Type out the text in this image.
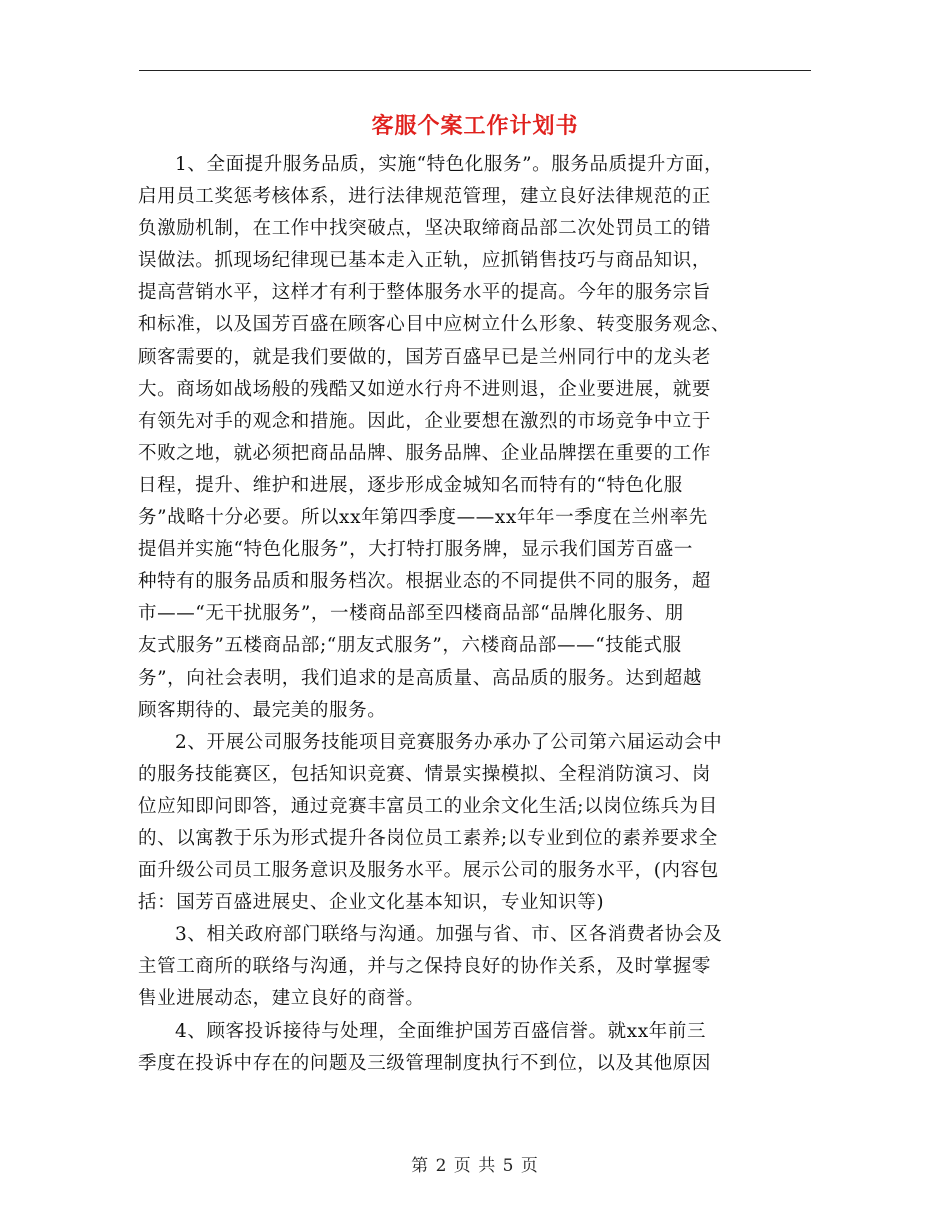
客服个案工作计划书
1、全面提升服务品质，实施“特色化服务”。服务品质提升方面，
启用员工奖惩考核体系，进行法律规范管理，建立良好法律规范的正
负激励机制，在工作中找突破点，坚决取缔商品部二次处罚员工的错
误做法。抓现场纪律现已基本走入正轨，应抓销售技巧与商品知识，
提高营销水平，这样才有利于整体服务水平的提高。今年的服务宗旨
和标准，以及国芳百盛在顾客心目中应树立什么形象、转变服务观念、
顾客需要的，就是我们要做的，国芳百盛早已是兰州同行中的龙头老
大。商场如战场般的残酷又如逆水行舟不进则退，企业要进展，就要
有领先对手的观念和措施。因此，企业要想在激烈的市场竞争中立于
不败之地，就必须把商品品牌、服务品牌、企业品牌摆在重要的工作
日程，提升、维护和进展，逐步形成金城知名而特有的“特色化服
务”战略十分必要。所以xx年第四季度——xx年年一季度在兰州率先
提倡并实施“特色化服务”，大打特打服务牌，显示我们国芳百盛一
种特有的服务品质和服务档次。根据业态的不同提供不同的服务，超
市——“无干扰服务”，一楼商品部至四楼商品部“品牌化服务、朋
友式服务”五楼商品部;“朋友式服务”，六楼商品部——“技能式服
务”，向社会表明，我们追求的是高质量、高品质的服务。达到超越
顾客期待的、最完美的服务。
2、开展公司服务技能项目竞赛服务办承办了公司第六届运动会中
的服务技能赛区，包括知识竞赛、情景实操模拟、全程消防演习、岗
位应知即问即答，通过竞赛丰富员工的业余文化生活;以岗位练兵为目
的、以寓教于乐为形式提升各岗位员工素养;以专业到位的素养要求全
面升级公司员工服务意识及服务水平。展示公司的服务水平，(内容包
括：国芳百盛进展史、企业文化基本知识，专业知识等)
3、相关政府部门联络与沟通。加强与省、市、区各消费者协会及
主管工商所的联络与沟通，并与之保持良好的协作关系，及时掌握零
售业进展动态，建立良好的商誉。
4、顾客投诉接待与处理，全面维护国芳百盛信誉。就xx年前三
季度在投诉中存在的问题及三级管理制度执行不到位，以及其他原因
第 2 页 共 5 页
